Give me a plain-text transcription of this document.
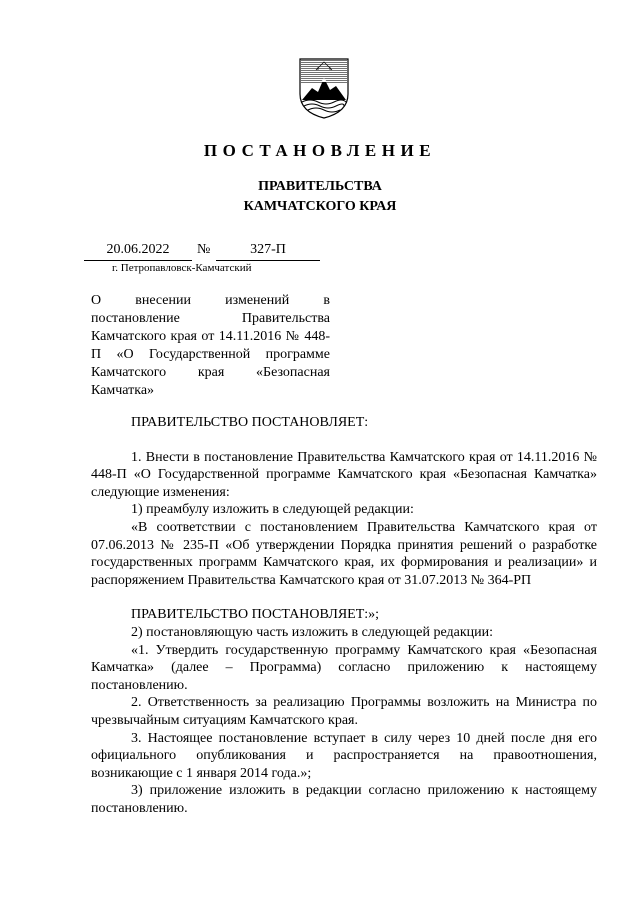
ПОСТАНОВЛЕНИЕ
ПРАВИТЕЛЬСТВА
КАМЧАТСКОГО КРАЯ
20.06.2022	№	327-П
г. Петропавловск-Камчатский
О внесении изменений в постановление Правительства Камчатского края от 14.11.2016 № 448-П «О Государственной программе Камчатского края «Безопасная Камчатка»

ПРАВИТЕЛЬСТВО ПОСТАНОВЛЯЕТ:

1. Внести в постановление Правительства Камчатского края от 14.11.2016 № 448-П «О Государственной программе Камчатского края «Безопасная Камчатка» следующие изменения:

1) преамбулу изложить в следующей редакции:

«В соответствии с постановлением Правительства Камчатского края от 07.06.2013 № 235-П «Об утверждении Порядка принятия решений о разработке государственных программ Камчатского края, их формирования и реализации» и распоряжением Правительства Камчатского края от 31.07.2013 № 364-РП

ПРАВИТЕЛЬСТВО ПОСТАНОВЛЯЕТ:»;

2) постановляющую часть изложить в следующей редакции:

«1. Утвердить государственную программу Камчатского края «Безопасная Камчатка» (далее – Программа) согласно приложению к настоящему постановлению.

2. Ответственность за реализацию Программы возложить на Министра по чрезвычайным ситуациям Камчатского края.

3. Настоящее постановление вступает в силу через 10 дней после дня его официального опубликования и распространяется на правоотношения, возникающие с 1 января 2014 года.»;

3) приложение изложить в редакции согласно приложению к настоящему постановлению.
